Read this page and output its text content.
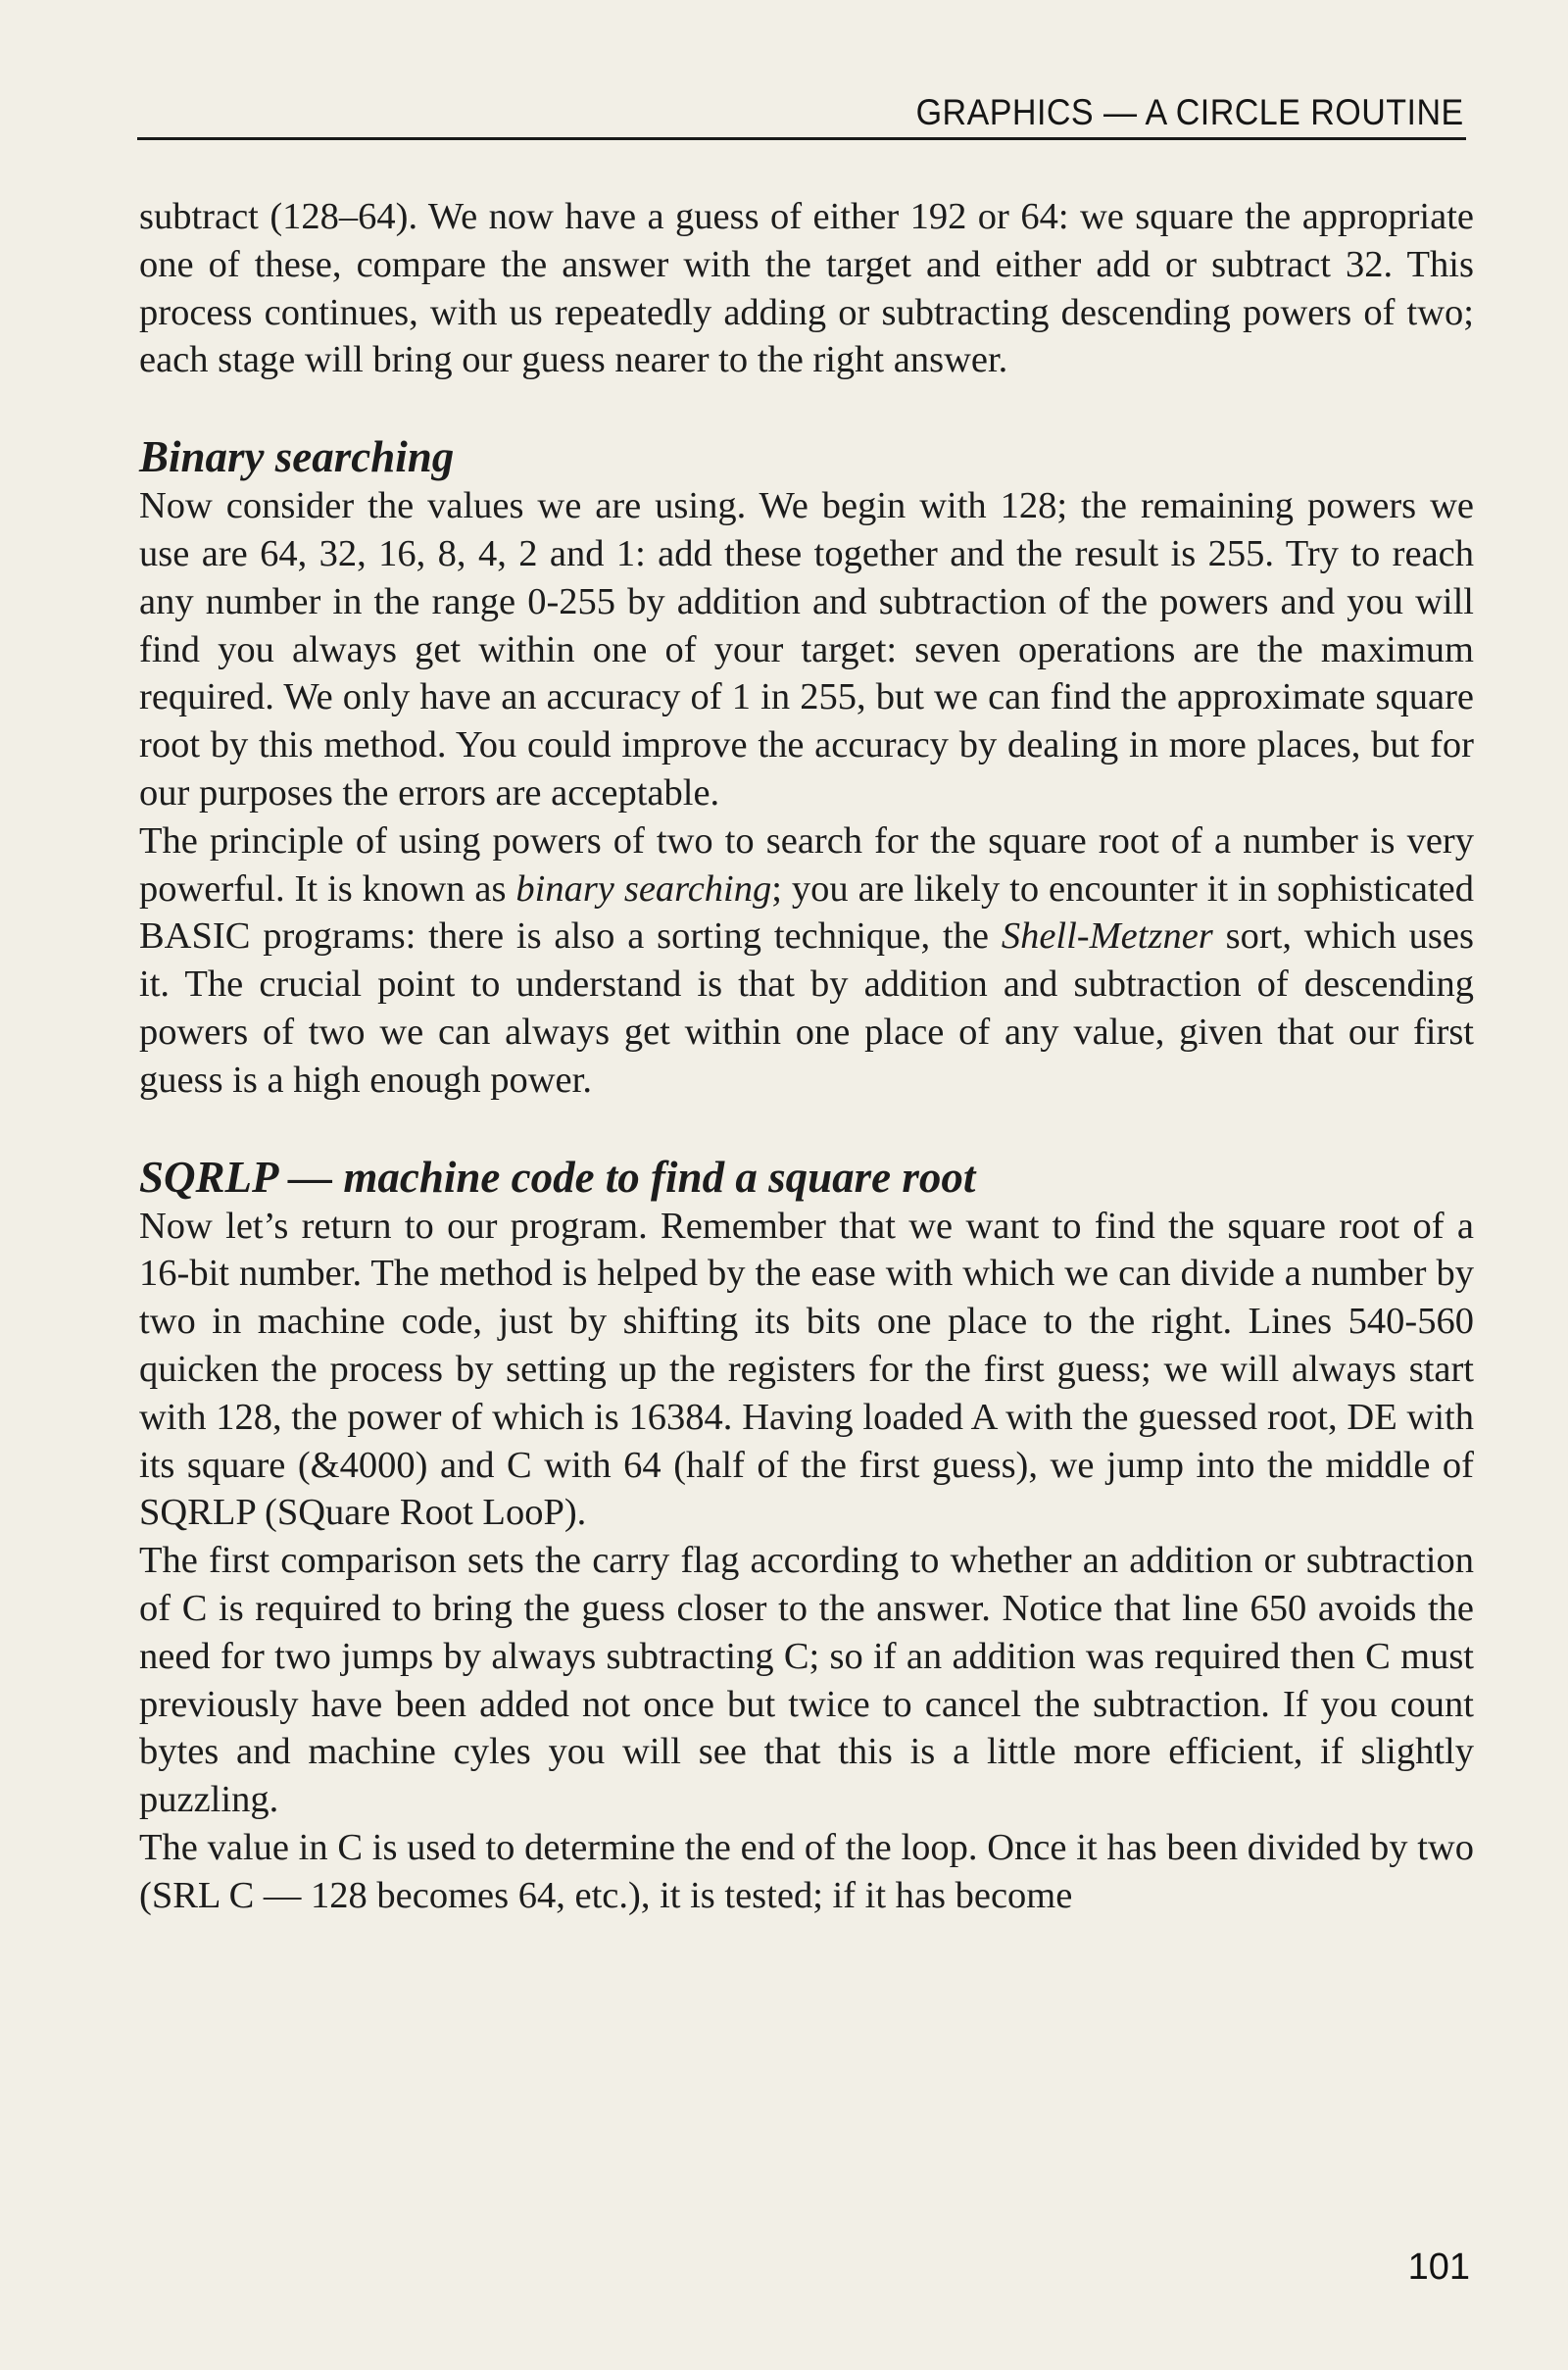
GRAPHICS — A CIRCLE ROUTINE

subtract (128–64). We now have a guess of either 192 or 64: we square the appropriate one of these, compare the answer with the target and either add or subtract 32. This process continues, with us repeatedly adding or subtracting descending powers of two; each stage will bring our guess nearer to the right answer.

Binary searching

Now consider the values we are using. We begin with 128; the remaining powers we use are 64, 32, 16, 8, 4, 2 and 1: add these together and the result is 255. Try to reach any number in the range 0-255 by addition and subtraction of the powers and you will find you always get within one of your target: seven operations are the maximum required. We only have an accuracy of 1 in 255, but we can find the approximate square root by this method. You could improve the accuracy by dealing in more places, but for our purposes the errors are acceptable.

The principle of using powers of two to search for the square root of a number is very powerful. It is known as binary searching; you are likely to encounter it in sophisticated BASIC programs: there is also a sorting technique, the Shell-Metzner sort, which uses it. The crucial point to understand is that by addition and subtraction of descending powers of two we can always get within one place of any value, given that our first guess is a high enough power.

SQRLP — machine code to find a square root

Now let’s return to our program. Remember that we want to find the square root of a 16-bit number. The method is helped by the ease with which we can divide a number by two in machine code, just by shifting its bits one place to the right. Lines 540-560 quicken the process by setting up the registers for the first guess; we will always start with 128, the power of which is 16384. Having loaded A with the guessed root, DE with its square (&4000) and C with 64 (half of the first guess), we jump into the middle of SQRLP (SQuare Root LooP).

The first comparison sets the carry flag according to whether an addition or subtraction of C is required to bring the guess closer to the answer. Notice that line 650 avoids the need for two jumps by always subtracting C; so if an addition was required then C must previously have been added not once but twice to cancel the subtraction. If you count bytes and machine cyles you will see that this is a little more efficient, if slightly puzzling.

The value in C is used to determine the end of the loop. Once it has been divided by two (SRL C — 128 becomes 64, etc.), it is tested; if it has become

101
